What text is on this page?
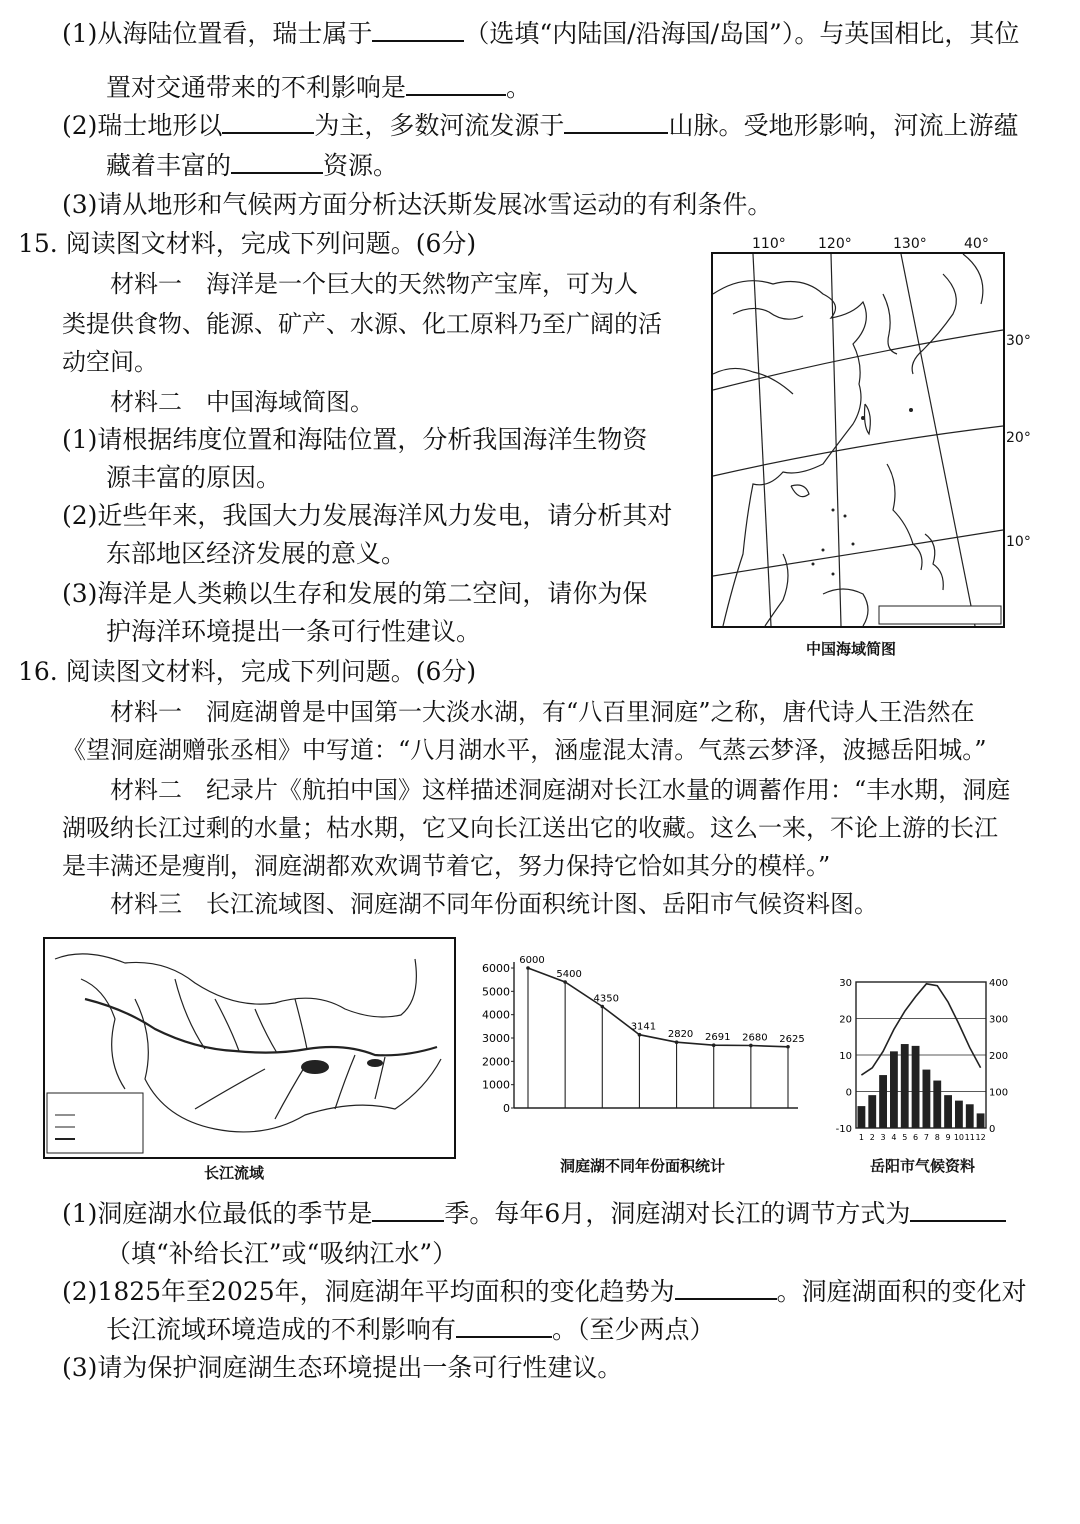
(1)从海陆位置看，瑞士属于	（选填“内陆国/沿海国/岛国”）。与英国相比，其位
置对交通带来的不利影响是	。
(2)瑞士地形以	为主，多数河流发源于	山脉。受地形影响，河流上游蕴
藏着丰富的	资源。
(3)请从地形和气候两方面分析达沃斯发展冰雪运动的有利条件。
15. 阅读图文材料，完成下列问题。(6分)
材料一　海洋是一个巨大的天然物产宝库，可为人
类提供食物、能源、矿产、水源、化工原料乃至广阔的活
动空间。
材料二　中国海域简图。
(1)请根据纬度位置和海陆位置，分析我国海洋生物资
源丰富的原因。
(2)近些年来，我国大力发展海洋风力发电，请分析其对
东部地区经济发展的意义。
(3)海洋是人类赖以生存和发展的第二空间，请你为保
护海洋环境提出一条可行性建议。
110° 120°	130°	40°
30°
20°
10°
中国海域简图
16. 阅读图文材料，完成下列问题。(6分)
材料一　洞庭湖曾是中国第一大淡水湖，有“八百里洞庭”之称，唐代诗人王浩然在
《望洞庭湖赠张丞相》中写道：“八月湖水平，涵虚混太清。气蒸云梦泽，波撼岳阳城。”
材料二　纪录片《航拍中国》这样描述洞庭湖对长江水量的调蓄作用：“丰水期，洞庭
湖吸纳长江过剩的水量；枯水期，它又向长江送出它的收藏。这么一来，不论上游的长江
是丰满还是瘦削，洞庭湖都欢欢调节着它，努力保持它恰如其分的模样。”
材料三　长江流域图、洞庭湖不同年份面积统计图、岳阳市气候资料图。
长江流域
0
1000
2000
3000
4000
5000
6000
6000
5400
4350
3141
2820 2691 2680 2625
洞庭湖不同年份面积统计
-10
0
10
20
30
0
100
200
300
400
1 2 3 4 5 6 7 8 9 10 11 12
岳阳市气候资料
(1)洞庭湖水位最低的季节是	季。每年6月，洞庭湖对长江的调节方式为
（填“补给长江”或“吸纳江水”）
(2)1825年至2025年，洞庭湖年平均面积的变化趋势为	。洞庭湖面积的变化对
长江流域环境造成的不利影响有	。（至少两点）
(3)请为保护洞庭湖生态环境提出一条可行性建议。
